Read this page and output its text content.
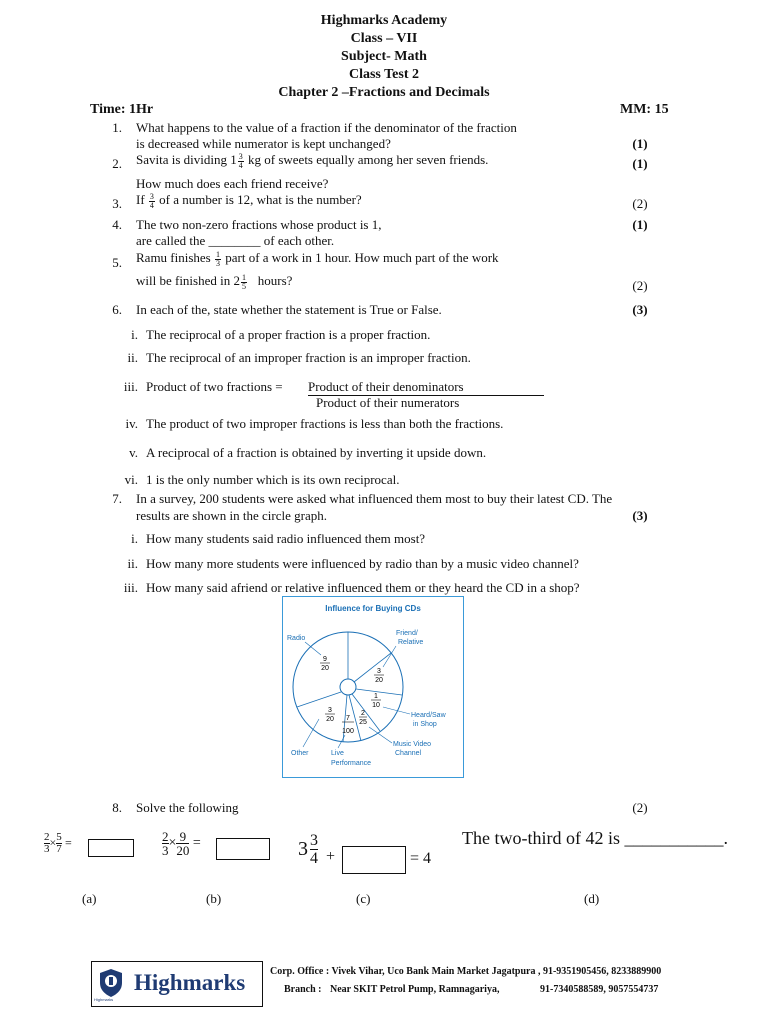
Highmarks Academy
Class – VII
Subject- Math
Class Test 2
Chapter 2 –Fractions and Decimals
Time: 1Hr	MM: 15
1. What happens to the value of a fraction if the denominator of the fraction
is decreased while numerator is kept unchanged?	(1)
2. Savita is dividing $1 \frac{3}{4}$ kg of sweets equally among her seven friends.
How much does each friend receive?
(1)
3. If $\frac{3}{4}$ of a number is 12, what is the number?	(2)
4. The two non-zero fractions whose product is 1,
are called the ________ of each other.
(1)
5. Ramu finishes $\frac{1}{3}$ part of a work in 1 hour. How much part of the work
will be finished in $2 \frac{1}{5}$ hours?	(2)
6. In each of the, state whether the statement is True or False.	(3)
i. The reciprocal of a proper fraction is a proper fraction.
ii. The reciprocal of an improper fraction is an improper fraction.
iii. Product of two fractions = Product of their denominators
Product of their numerators
iv. The product of two improper fractions is less than both the fractions.
v. A reciprocal of a fraction is obtained by inverting it upside down.
vi. 1 is the only number which is its own reciprocal.
7. In a survey, 200 students were asked what influenced them most to buy their latest CD. The
results are shown in the circle graph.	(3)
i. How many students said radio influenced them most?
ii. How many more students were influenced by radio than by a music video channel?
iii. How many said afriend or relative influenced them or they heard the CD in a shop?
Influence for Buying CDs
9
20	3
20
1
10
2
25
7
100
3
20
Radio
Friend/
Relative
Heard/Saw
in Shop
Music Video
Channel
Live
Performance
Other
8. Solve the following	(2)
$\frac{2}{3}\times \frac{5}{7}$ =
(a)
$\frac{2}{3}\times \frac{9}{20}$ =
(b)
3 3
4 +	= 4
(c)
The two-third of 42 is ___________.
(d)
Highmarks
Highmarks Corp. Office : Vivek Vihar, Uco Bank Main Market Jagatpura , 91-9351905456, 8233889900
Branch : Near SKIT Petrol Pump, Ramnagariya,	91-7340588589, 9057554737
